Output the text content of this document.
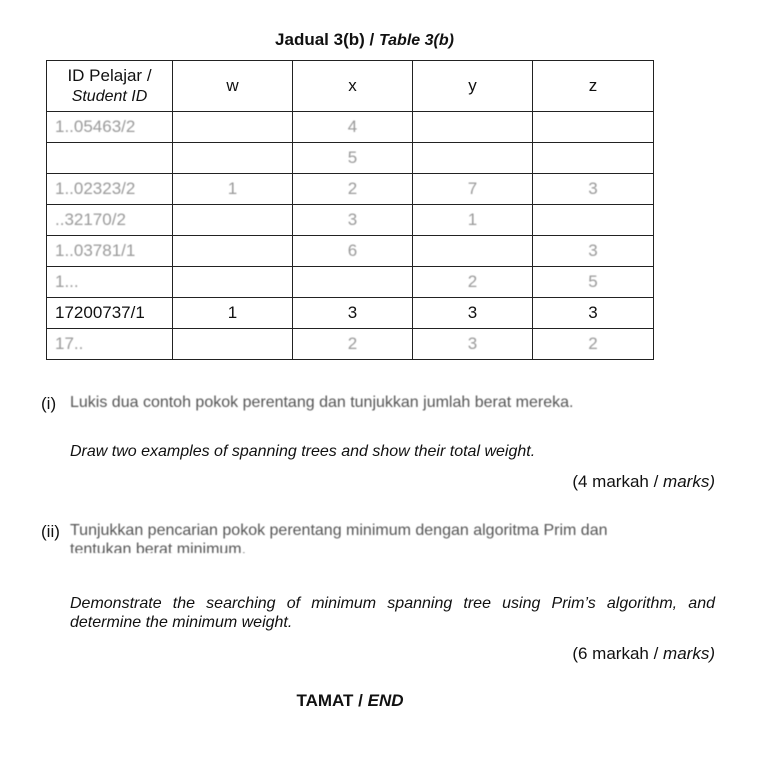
Jadual 3(b) / Table 3(b)
ID Pelajar /
Student ID	w	x	y	z
1..05463/2		4		
		5		
1..02323/2	1	2	7	3
..32170/2		3	1	
1..03781/1		6		3
1...			2	5
17200737/1	1	3	3	3
17..		2	3	2
(i) Lukis dua contoh pokok perentang dan tunjukkan jumlah berat mereka.
Draw two examples of spanning trees and show their total weight.
(4 markah / marks)
(ii) Tunjukkan pencarian pokok perentang minimum dengan algoritma Prim dan
tentukan berat minimum.
Demonstrate the searching of minimum spanning tree using Prim’s algorithm, and determine the minimum weight.
(6 markah / marks)
TAMAT / END
